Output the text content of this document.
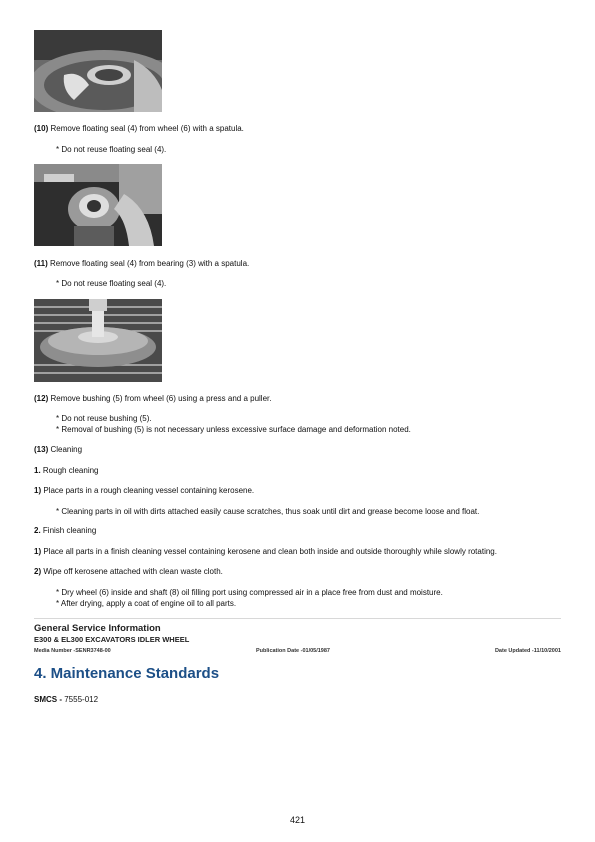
(10) Remove floating seal (4) from wheel (6) with a spatula.
* Do not reuse floating seal (4).
(11) Remove floating seal (4) from bearing (3) with a spatula.
* Do not reuse floating seal (4).
(12) Remove bushing (5) from wheel (6) using a press and a puller.
* Do not reuse bushing (5).
* Removal of bushing (5) is not necessary unless excessive surface damage and deformation noted.
(13) Cleaning
1. Rough cleaning
1) Place parts in a rough cleaning vessel containing kerosene.
* Cleaning parts in oil with dirts attached easily cause scratches, thus soak until dirt and grease become loose and float.
2. Finish cleaning
1) Place all parts in a finish cleaning vessel containing kerosene and clean both inside and outside thoroughly while slowly rotating.
2) Wipe off kerosene attached with clean waste cloth.
* Dry wheel (6) inside and shaft (8) oil filling port using compressed air in a place free from dust and moisture.
* After drying, apply a coat of engine oil to all parts.
General Service Information
E300 & EL300 EXCAVATORS IDLER WHEEL
Media Number -SENR3748-00	Publication Date -01/05/1987	Date Updated -11/10/2001
4. Maintenance Standards
SMCS - 7555-012
421
